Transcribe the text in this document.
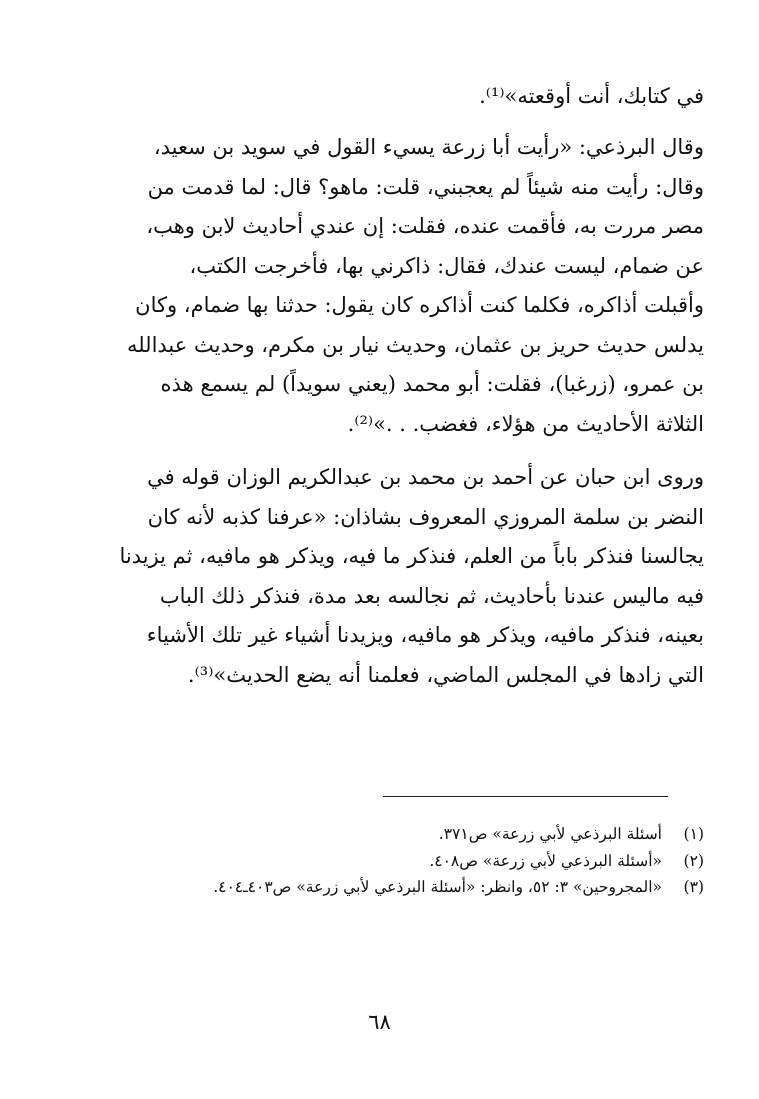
في كتابك، أنت أوقعته»⁽¹⁾.
وقال البرذعي: «رأيت أبا زرعة يسيء القول في سويد بن سعيد،
وقال: رأيت منه شيئاً لم يعجبني، قلت: ماهو؟ قال: لما قدمت من
مصر مررت به، فأقمت عنده، فقلت: إن عندي أحاديث لابن وهب،
عن ضمام، ليست عندك، فقال: ذاكرني بها، فأخرجت الكتب،
وأقبلت أذاكره، فكلما كنت أذاكره كان يقول: حدثنا بها ضمام، وكان
يدلس حديث حريز بن عثمان، وحديث نيار بن مكرم، وحديث عبدالله
بن عمرو، (زرغبا)، فقلت: أبو محمد (يعني سويداً) لم يسمع هذه
الثلاثة الأحاديث من هؤلاء، فغضب. . .»⁽²⁾.
وروى ابن حبان عن أحمد بن محمد بن عبدالكريم الوزان قوله في
النضر بن سلمة المروزي المعروف بشاذان: «عرفنا كذبه لأنه كان
يجالسنا فنذكر باباً من العلم، فنذكر ما فيه، ويذكر هو مافيه، ثم يزيدنا
فيه ماليس عندنا بأحاديث، ثم نجالسه بعد مدة، فنذكر ذلك الباب
بعينه، فنذكر مافيه، ويذكر هو مافيه، ويزيدنا أشياء غير تلك الأشياء
التي زادها في المجلس الماضي، فعلمنا أنه يضع الحديث»⁽³⁾.
(١)
أسئلة البرذعي لأبي زرعة» ص٣٧١.
(٢)
«أسئلة البرذعي لأبي زرعة» ص٤٠٨.
(٣)
«المجروحين» ٣: ٥٢، وانظر: «أسئلة البرذعي لأبي زرعة» ص٤٠٣ـ٤٠٤.
٦٨
